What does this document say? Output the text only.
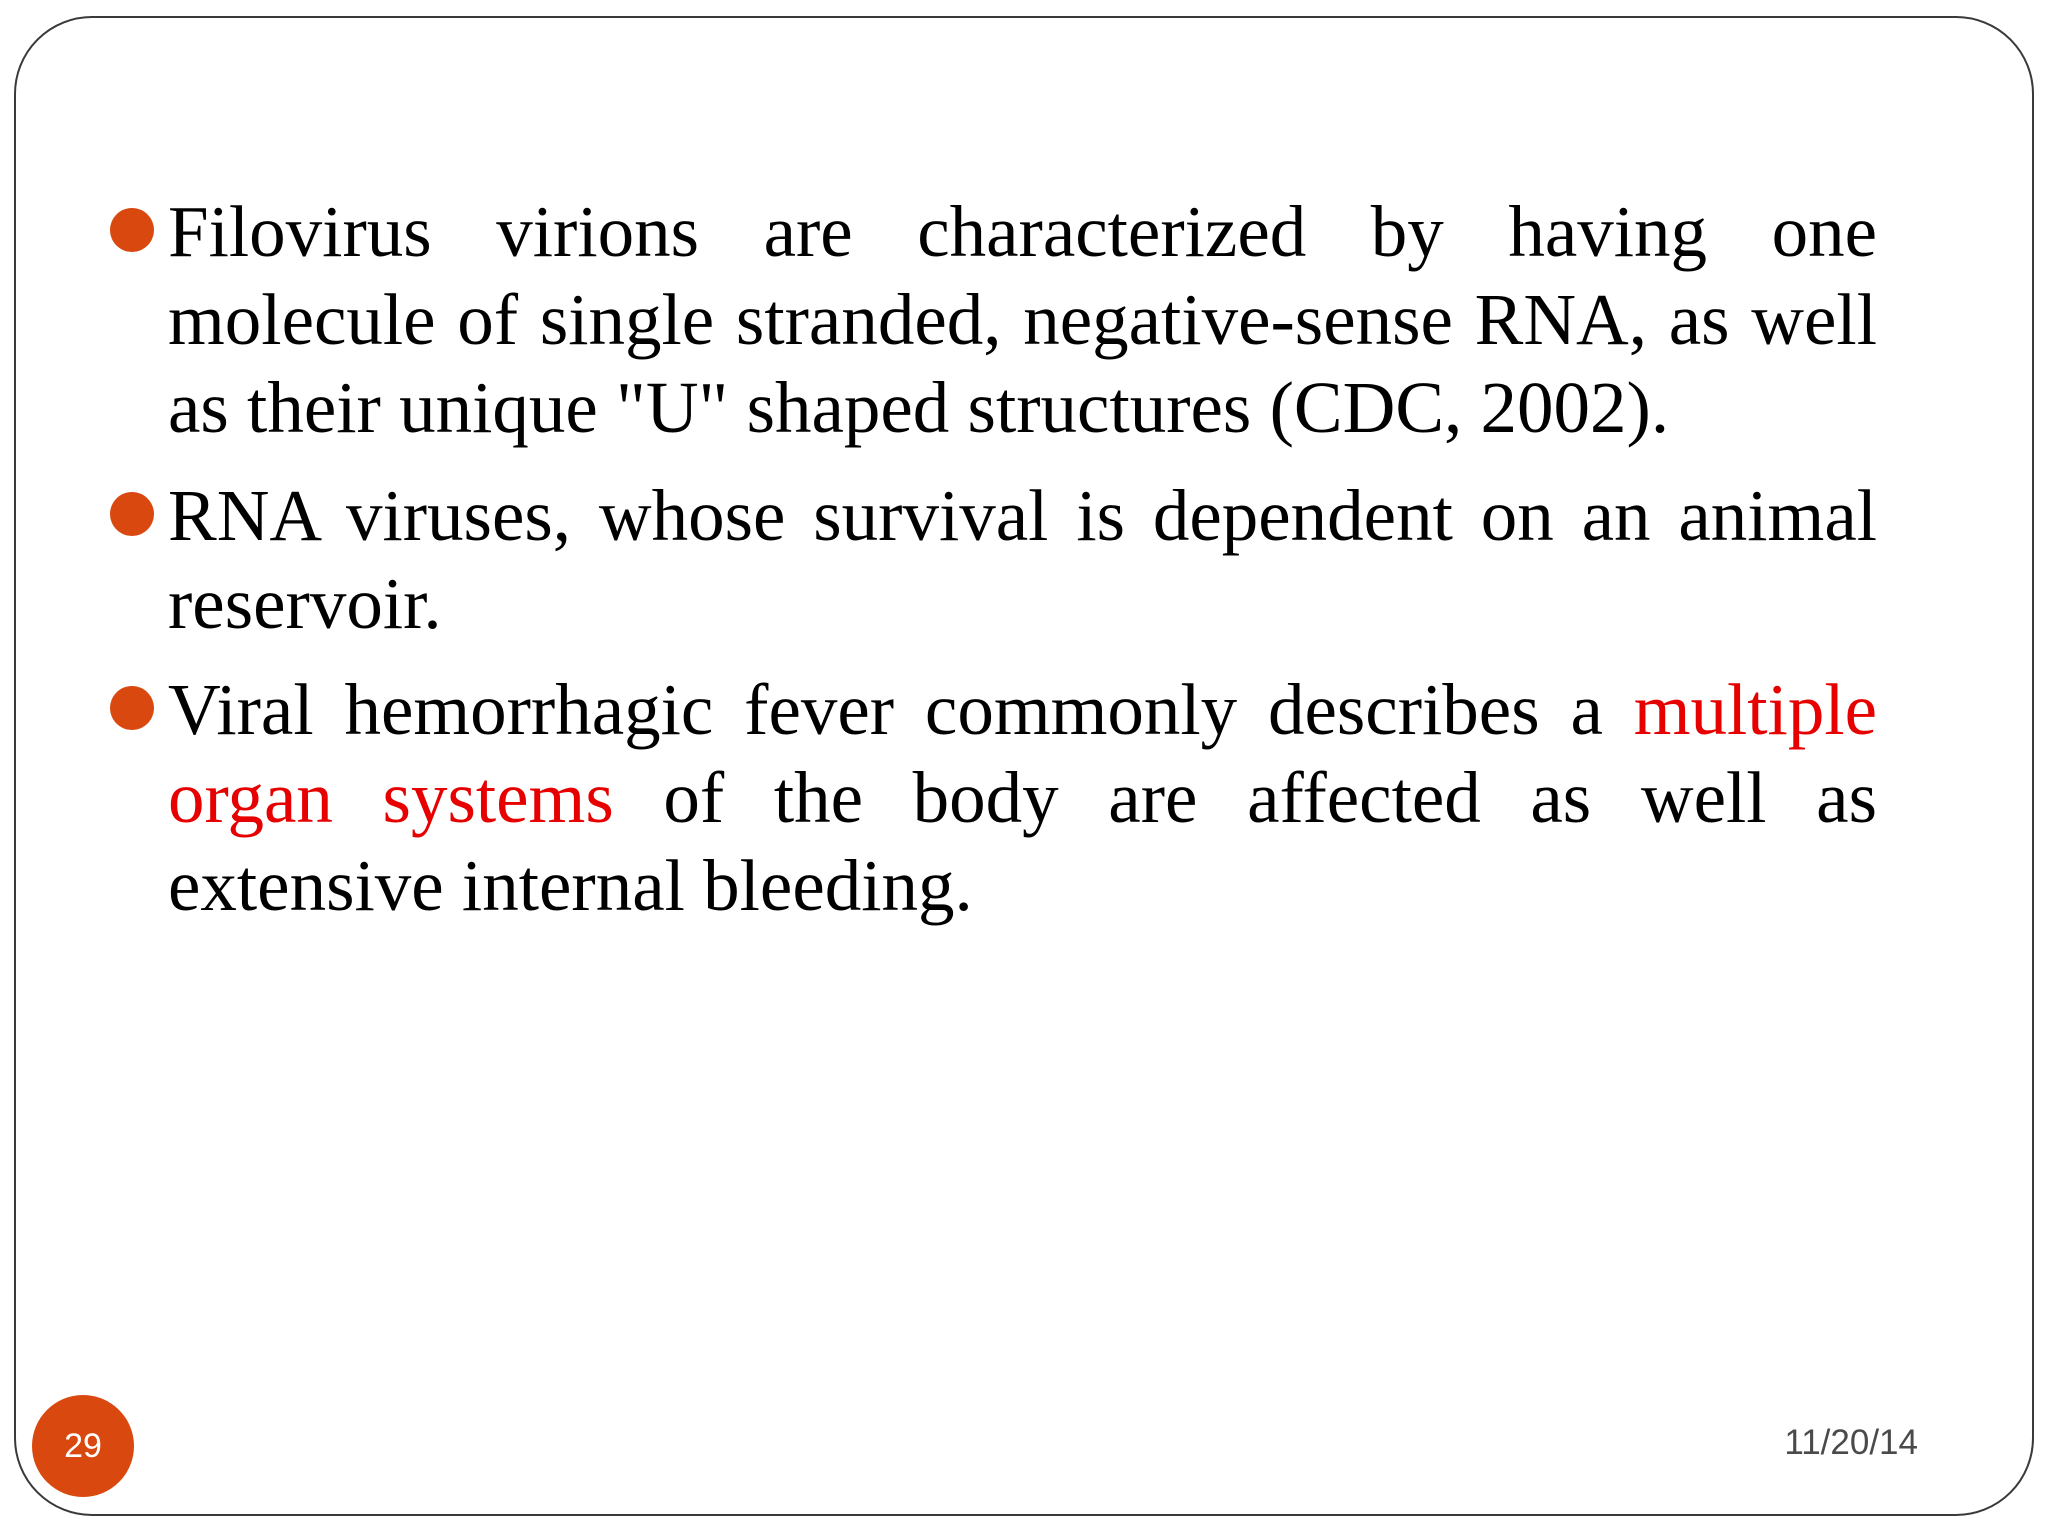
Filovirus virions are characterized by having one molecule of single stranded, negative-sense RNA, as well as their unique "U" shaped structures (CDC, 2002).
RNA viruses, whose survival is dependent on an animal reservoir.
Viral hemorrhagic fever commonly describes a multiple organ systems of the body are affected as well as extensive internal bleeding.
29	11/20/14
